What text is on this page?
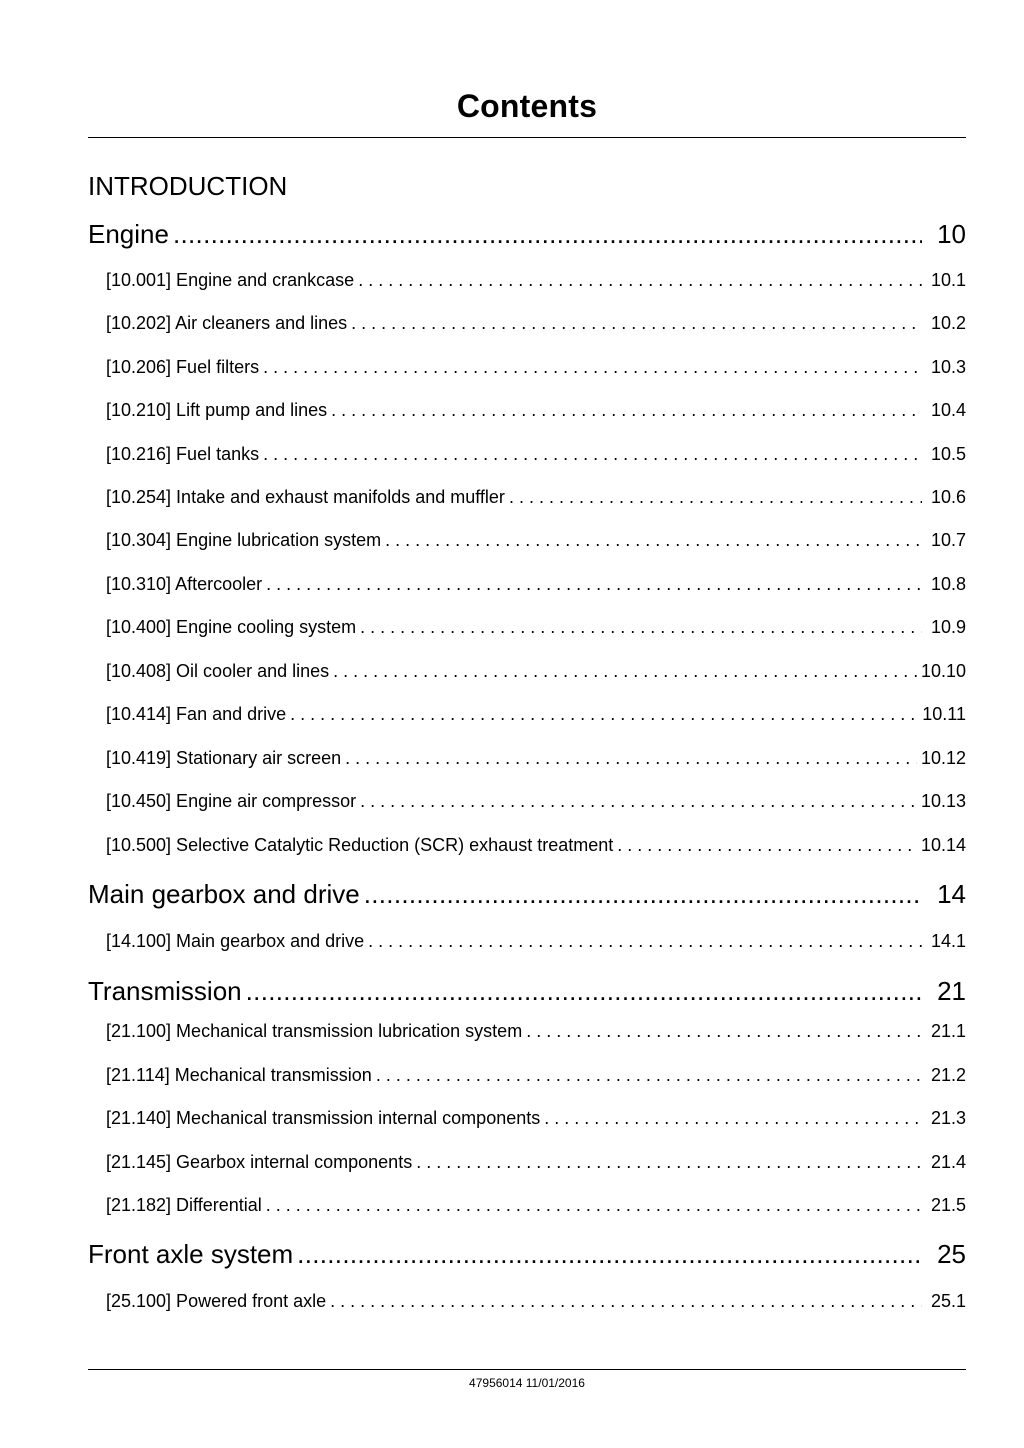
Contents
INTRODUCTION
Engine .....	10
[10.001] Engine and crankcase . . .	10.1
[10.202] Air cleaners and lines . . .	10.2
[10.206] Fuel filters . . .	10.3
[10.210] Lift pump and lines . . .	10.4
[10.216] Fuel tanks . . .	10.5
[10.254] Intake and exhaust manifolds and muffler . . .	10.6
[10.304] Engine lubrication system . . .	10.7
[10.310] Aftercooler . . .	10.8
[10.400] Engine cooling system . . .	10.9
[10.408] Oil cooler and lines . . .	10.10
[10.414] Fan and drive . . .	10.11
[10.419] Stationary air screen . . .	10.12
[10.450] Engine air compressor . . .	10.13
[10.500] Selective Catalytic Reduction (SCR) exhaust treatment . . .	10.14
Main gearbox and drive .....	14
[14.100] Main gearbox and drive . . .	14.1
Transmission .....	21
[21.100] Mechanical transmission lubrication system . . .	21.1
[21.114] Mechanical transmission . . .	21.2
[21.140] Mechanical transmission internal components . . .	21.3
[21.145] Gearbox internal components . . .	21.4
[21.182] Differential . . .	21.5
Front axle system .....	25
[25.100] Powered front axle . . .	25.1
47956014 11/01/2016
